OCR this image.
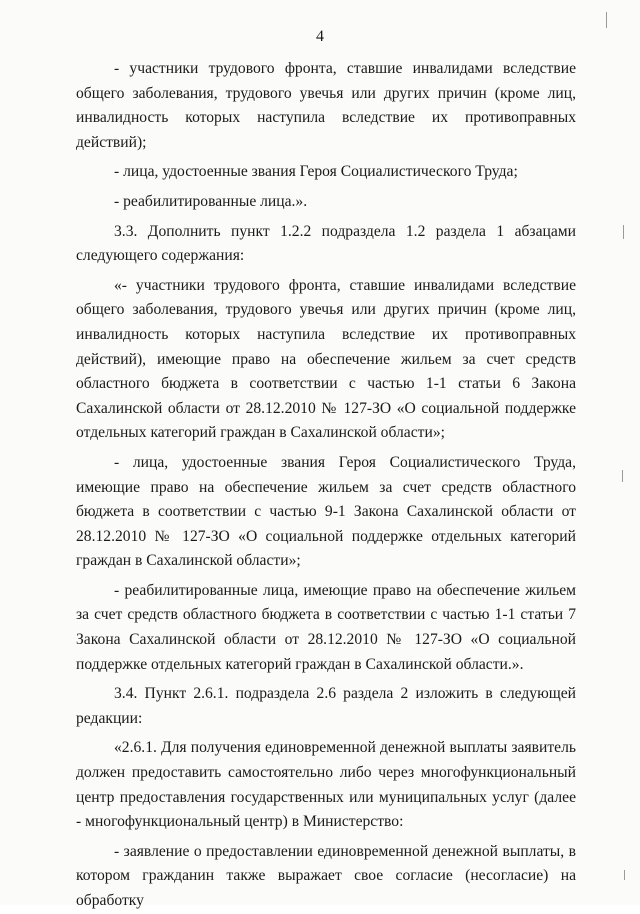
4

- участники трудового фронта, ставшие инвалидами вследствие общего заболевания, трудового увечья или других причин (кроме лиц, инвалидность которых наступила вследствие их противоправных действий);

- лица, удостоенные звания Героя Социалистического Труда;

- реабилитированные лица.».

3.3. Дополнить пункт 1.2.2 подраздела 1.2 раздела 1 абзацами следующего содержания:

«- участники трудового фронта, ставшие инвалидами вследствие общего заболевания, трудового увечья или других причин (кроме лиц, инвалидность которых наступила вследствие их противоправных действий), имеющие право на обеспечение жильем за счет средств областного бюджета в соответствии с частью 1-1 статьи 6 Закона Сахалинской области от 28.12.2010 № 127-ЗО «О социальной поддержке отдельных категорий граждан в Сахалинской области»;

- лица, удостоенные звания Героя Социалистического Труда, имеющие право на обеспечение жильем за счет средств областного бюджета в соответствии с частью 9-1 Закона Сахалинской области от 28.12.2010 № 127-ЗО «О социальной поддержке отдельных категорий граждан в Сахалинской области»;

- реабилитированные лица, имеющие право на обеспечение жильем за счет средств областного бюджета в соответствии с частью 1-1 статьи 7 Закона Сахалинской области от 28.12.2010 № 127-ЗО «О социальной поддержке отдельных категорий граждан в Сахалинской области.».

3.4. Пункт 2.6.1. подраздела 2.6 раздела 2 изложить в следующей редакции:

«2.6.1. Для получения единовременной денежной выплаты заявитель должен предоставить самостоятельно либо через многофункциональный центр предоставления государственных или муниципальных услуг (далее - многофункциональный центр) в Министерство:

- заявление о предоставлении единовременной денежной выплаты, в котором гражданин также выражает свое согласие (несогласие) на обработку
